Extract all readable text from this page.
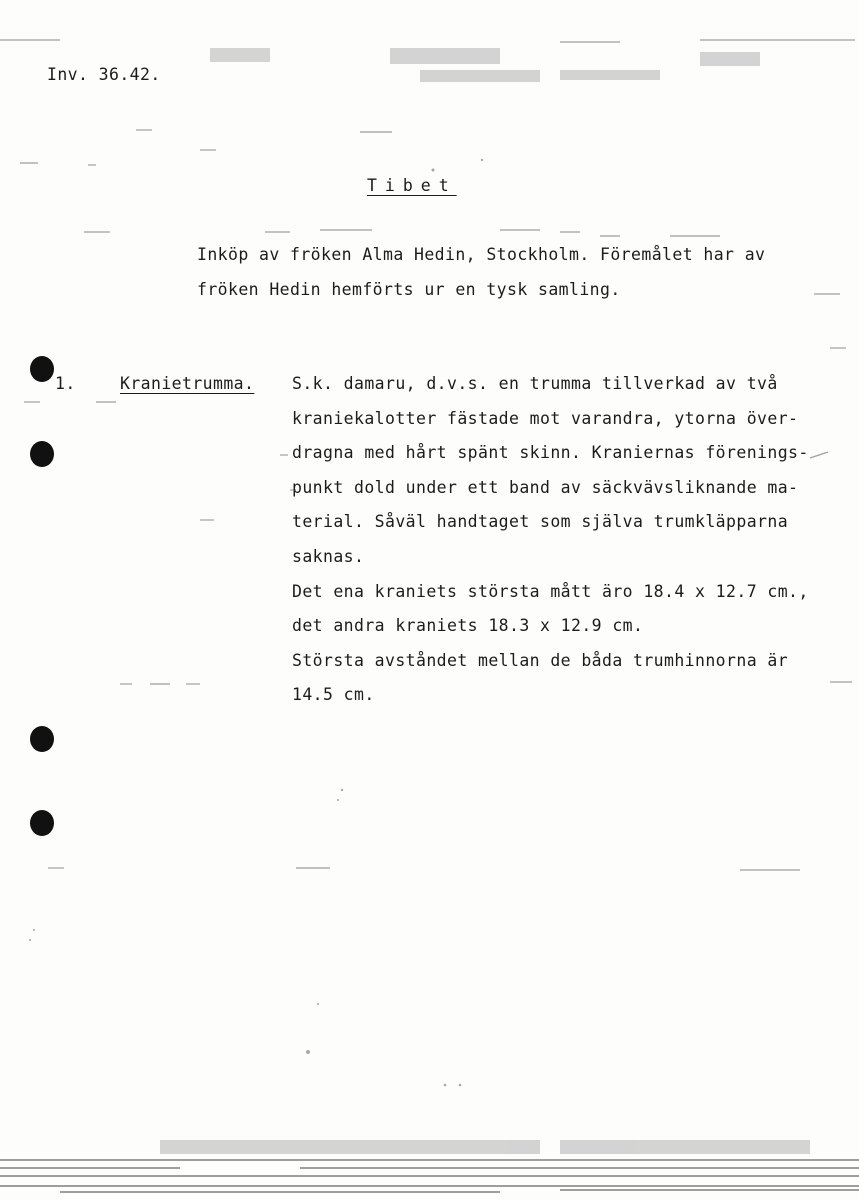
Inv. 36.42.
Tibet
Inköp av fröken Alma Hedin, Stockholm. Föremålet har av
fröken Hedin hemförts ur en tysk samling.
1.	Kranietrumma. S.k. damaru, d.v.s. en trumma tillverkad av två
kraniekalotter fästade mot varandra, ytorna över-
dragna med hårt spänt skinn. Kraniernas förenings-
punkt dold under ett band av säckvävsliknande ma-
terial. Såväl handtaget som själva trumkläpparna
saknas.
Det ena kraniets största mått äro 18.4 x 12.7 cm.,
det andra kraniets 18.3 x 12.9 cm.
Största avståndet mellan de båda trumhinnorna är
14.5 cm.
